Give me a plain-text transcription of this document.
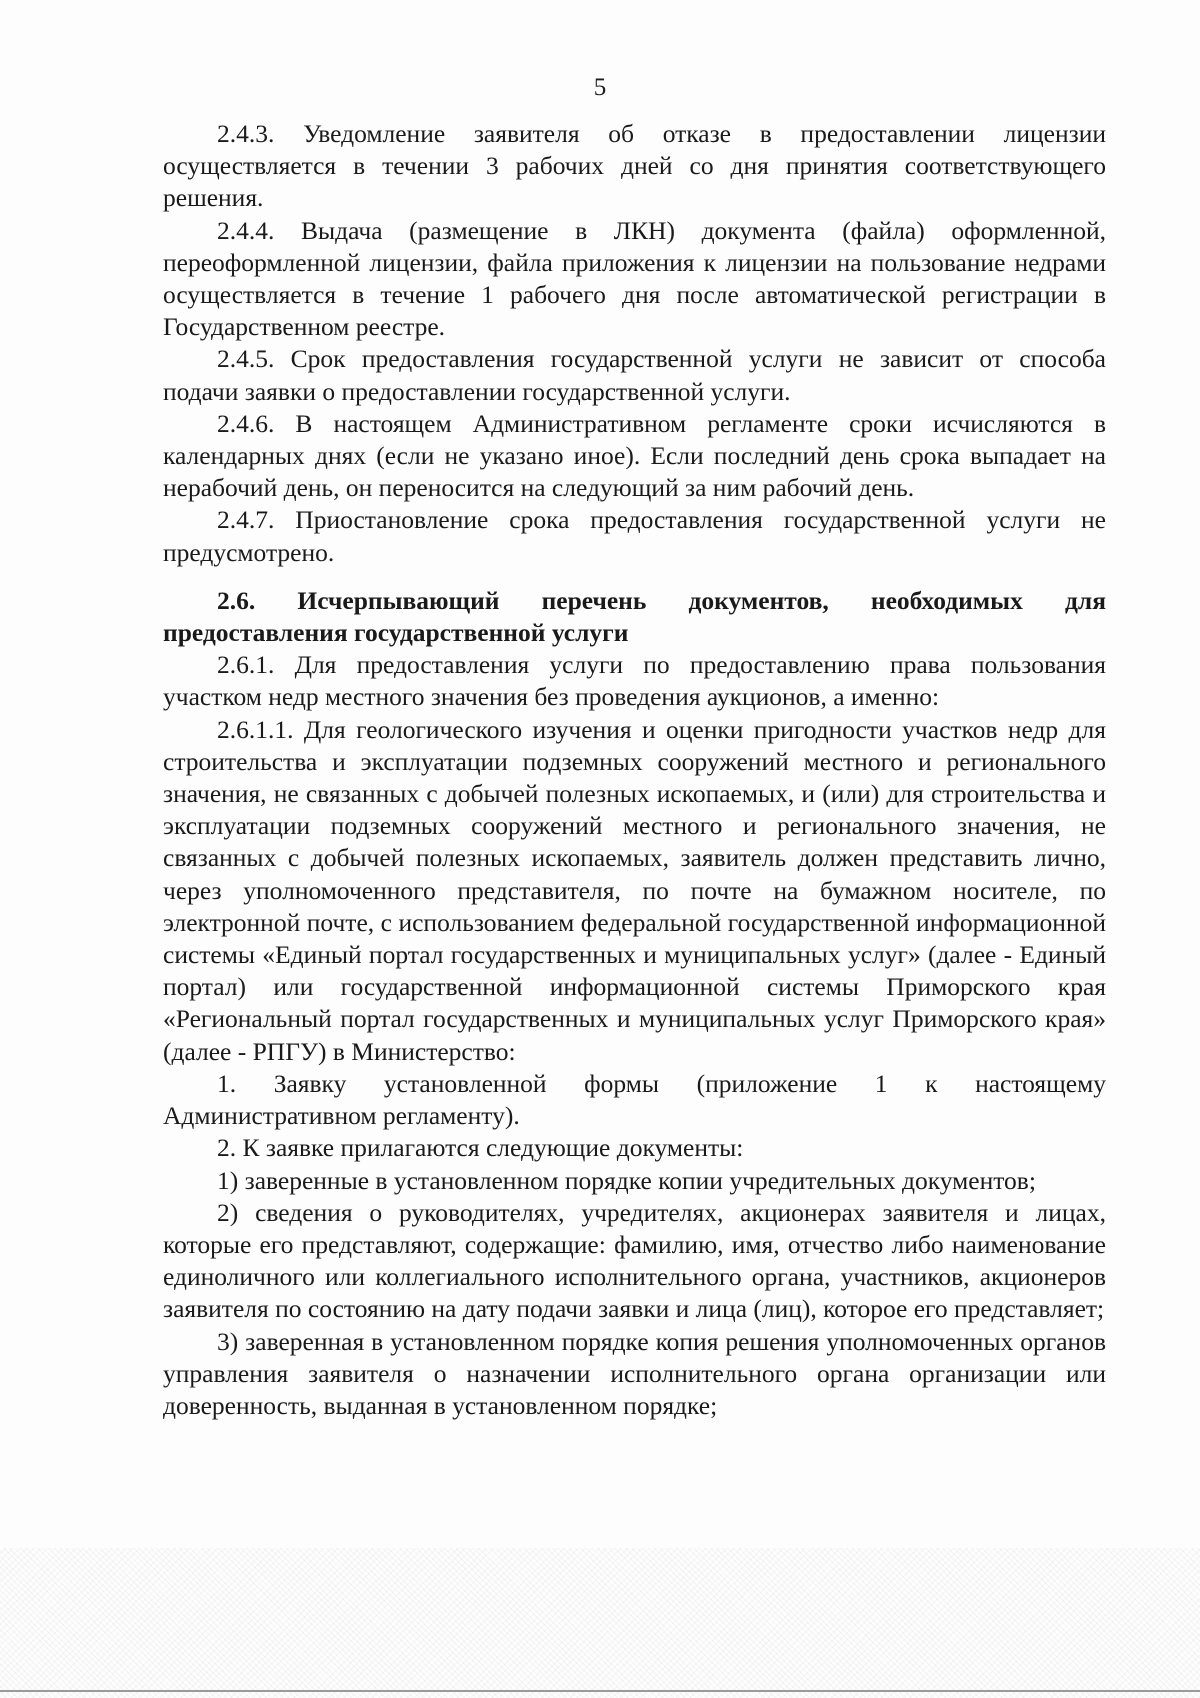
5

2.4.3. Уведомление заявителя об отказе в предоставлении лицензии осуществляется в течении 3 рабочих дней со дня принятия соответствующего решения.

2.4.4. Выдача (размещение в ЛКН) документа (файла) оформленной, переоформленной лицензии, файла приложения к лицензии на пользование недрами осуществляется в течение 1 рабочего дня после автоматической регистрации в Государственном реестре.

2.4.5. Срок предоставления государственной услуги не зависит от способа подачи заявки о предоставлении государственной услуги.

2.4.6. В настоящем Административном регламенте сроки исчисляются в календарных днях (если не указано иное). Если последний день срока выпадает на нерабочий день, он переносится на следующий за ним рабочий день.

2.4.7. Приостановление срока предоставления государственной услуги не предусмотрено.

2.6. Исчерпывающий перечень документов, необходимых для предоставления государственной услуги

2.6.1. Для предоставления услуги по предоставлению права пользования участком недр местного значения без проведения аукционов, а именно:

2.6.1.1. Для геологического изучения и оценки пригодности участков недр для строительства и эксплуатации подземных сооружений местного и регионального значения, не связанных с добычей полезных ископаемых, и (или) для строительства и эксплуатации подземных сооружений местного и регионального значения, не связанных с добычей полезных ископаемых, заявитель должен представить лично, через уполномоченного представителя, по почте на бумажном носителе, по электронной почте, с использованием федеральной государственной информационной системы «Единый портал государственных и муниципальных услуг» (далее - Единый портал) или государственной информационной системы Приморского края «Региональный портал государственных и муниципальных услуг Приморского края» (далее - РПГУ) в Министерство:

1. Заявку установленной формы (приложение 1 к настоящему Административном регламенту).

2. К заявке прилагаются следующие документы:

1) заверенные в установленном порядке копии учредительных документов;

2) сведения о руководителях, учредителях, акционерах заявителя и лицах, которые его представляют, содержащие: фамилию, имя, отчество либо наименование единоличного или коллегиального исполнительного органа, участников, акционеров заявителя по состоянию на дату подачи заявки и лица (лиц), которое его представляет;

3) заверенная в установленном порядке копия решения уполномоченных органов управления заявителя о назначении исполнительного органа организации или доверенность, выданная в установленном порядке;
